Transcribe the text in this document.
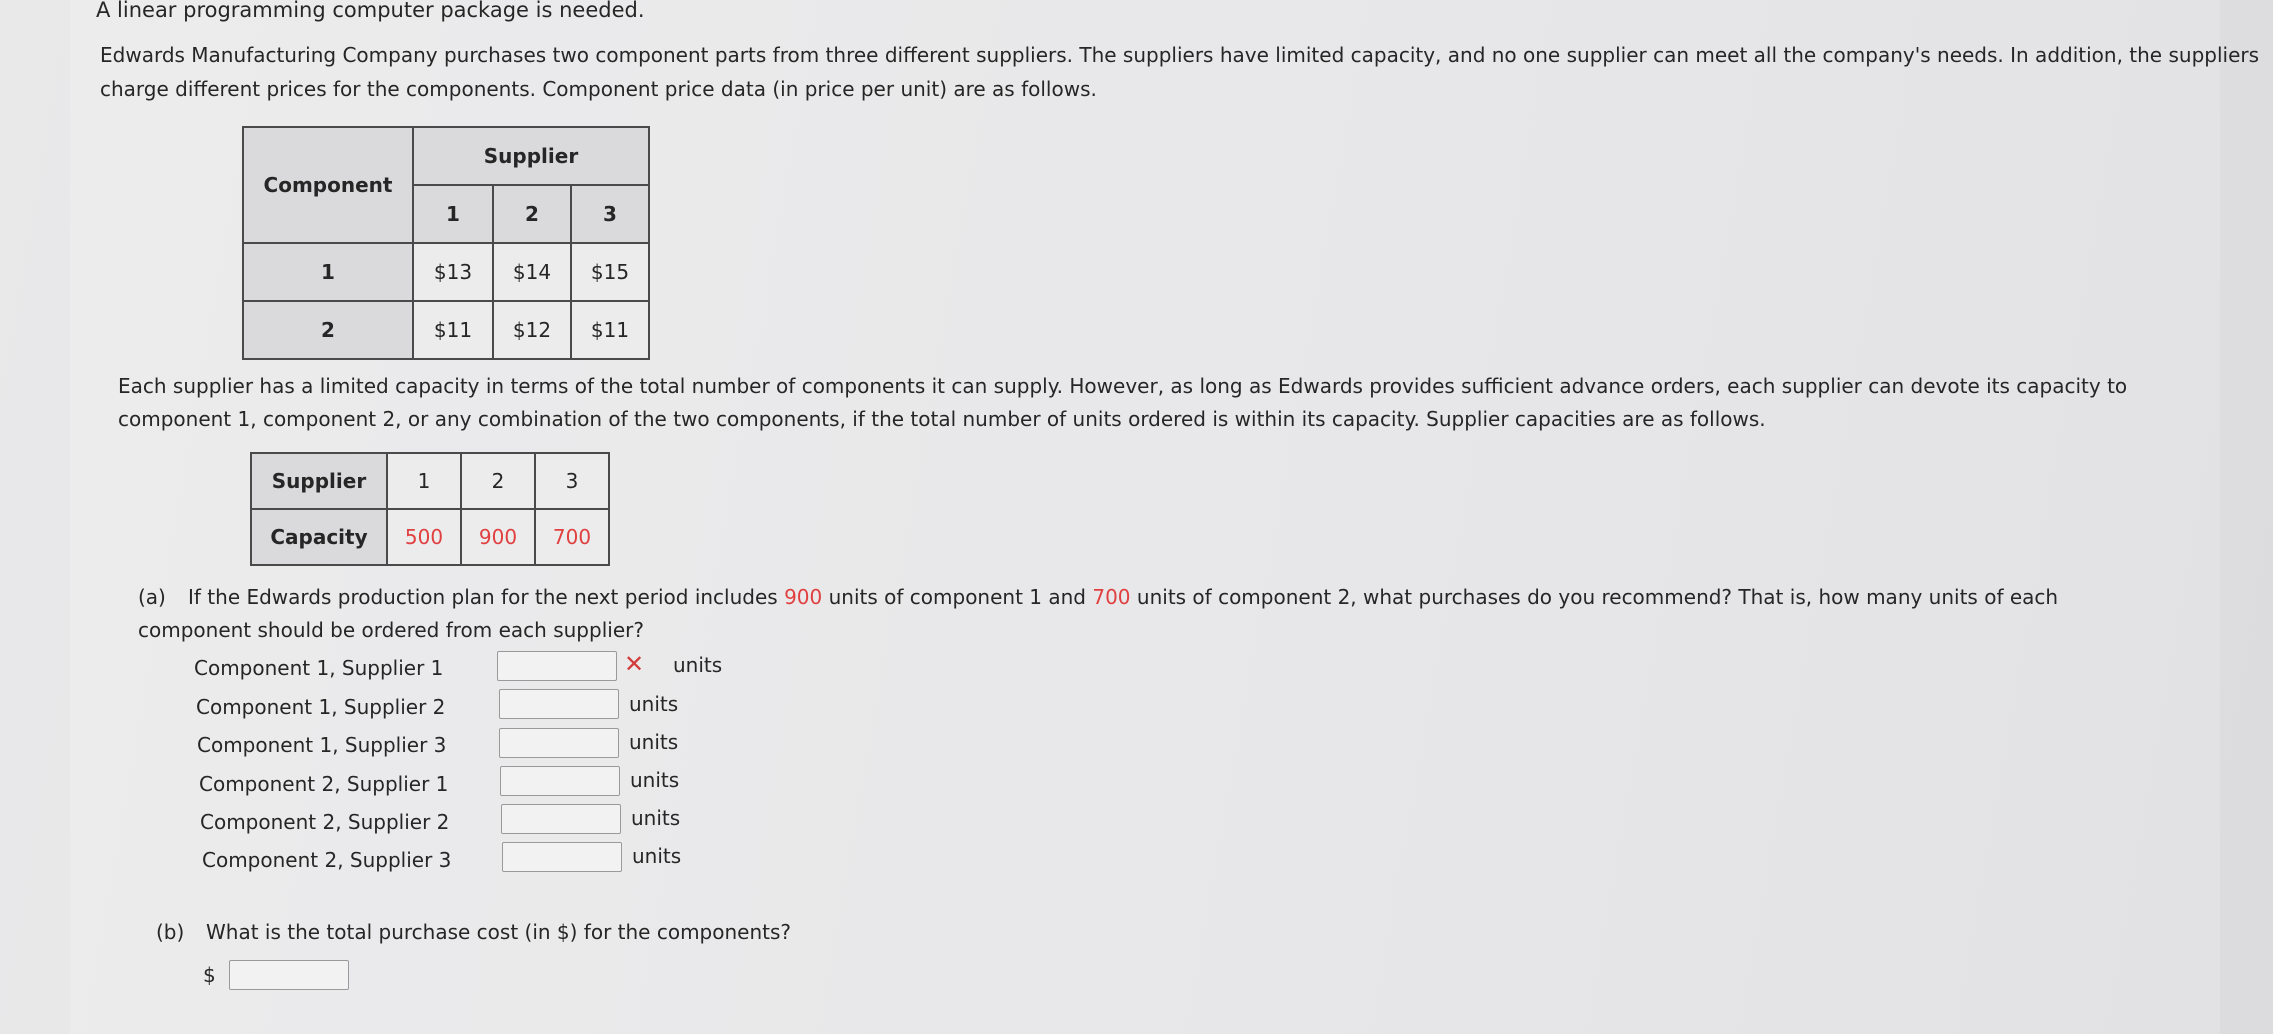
A linear programming computer package is needed.
Edwards Manufacturing Company purchases two component parts from three different suppliers. The suppliers have limited capacity, and no one supplier can meet all the company's needs. In addition, the suppliers charge different prices for the components. Component price data (in price per unit) are as follows.
Component	Supplier		
	1	2	3
1	$13	$14	$15
2	$11	$12	$11
Each supplier has a limited capacity in terms of the total number of components it can supply. However, as long as Edwards provides sufficient advance orders, each supplier can devote its capacity to component 1, component 2, or any combination of the two components, if the total number of units ordered is within its capacity. Supplier capacities are as follows.
Supplier	1	2	3
Capacity	500	900	700
(a) If the Edwards production plan for the next period includes 900 units of component 1 and 700 units of component 2, what purchases do you recommend? That is, how many units of each component should be ordered from each supplier?
Component 1, Supplier 1	✕ units
Component 1, Supplier 2	units
Component 1, Supplier 3	units
Component 2, Supplier 1	units
Component 2, Supplier 2	units
Component 2, Supplier 3	units
(b) What is the total purchase cost (in $) for the components?
$
